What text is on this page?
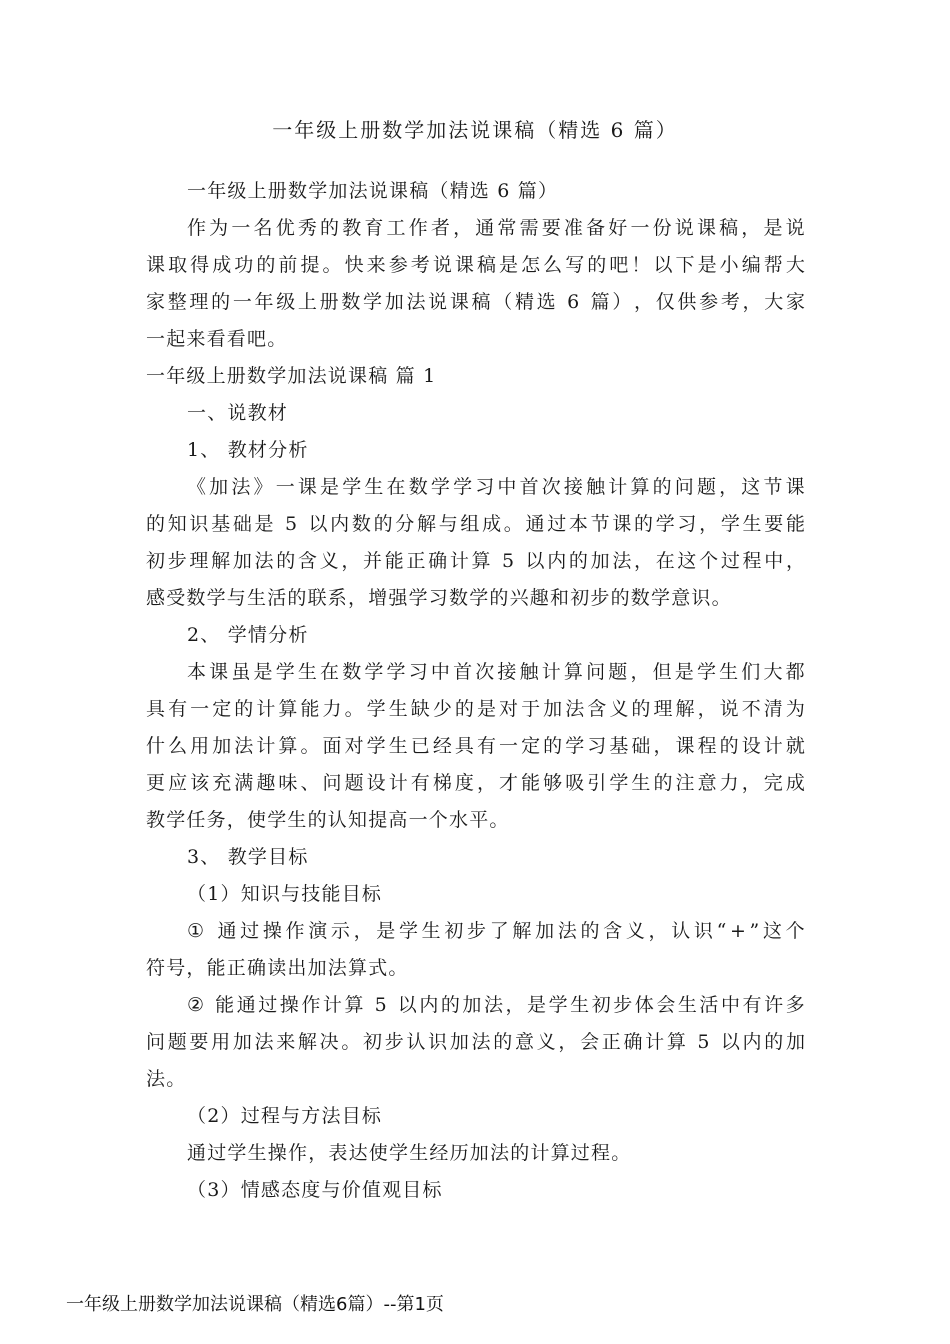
一年级上册数学加法说课稿（精选 6 篇）
一年级上册数学加法说课稿（精选 6 篇）
作 为 一 名 优 秀 的 教 育 工 作 者 ， 通 常 需 要 准 备 好 一 份 说 课 稿 ， 是 说
课 取 得 成 功 的 前 提 。 快 来 参 考 说 课 稿 是 怎 么 写 的 吧 ！ 以 下 是 小 编 帮 大
家 整 理 的 一 年 级 上 册 数 学 加 法 说 课 稿 （ 精 选
6
篇 ） ， 仅 供 参 考 ， 大 家
一起来看看吧。
一年级上册数学加法说课稿 篇 1
一、说教材
1、 教材分析
《 加 法 》 一 课 是 学 生 在 数 学 学 习 中 首 次 接 触 计 算 的 问 题 ， 这 节 课
的 知 识 基 础 是
5
以 内 数 的 分 解 与 组 成 。 通 过 本 节 课 的 学 习 ， 学 生 要 能
初 步 理 解 加 法 的 含 义 ， 并 能 正 确 计 算
5
以 内 的 加 法 ， 在 这 个 过 程 中 ，
感受数学与生活的联系，增强学习数学的兴趣和初步的数学意识。
2、 学情分析
本 课 虽 是 学 生 在 数 学 学 习 中 首 次 接 触 计 算 问 题 ， 但 是 学 生 们 大 都
具 有 一 定 的 计 算 能 力 。 学 生 缺 少 的 是 对 于 加 法 含 义 的 理 解 ， 说 不 清 为
什 么 用 加 法 计 算 。 面 对 学 生 已 经 具 有 一 定 的 学 习 基 础 ， 课 程 的 设 计 就
更 应 该 充 满 趣 味 、 问 题 设 计 有 梯 度 ， 才 能 够 吸 引 学 生 的 注 意 力 ， 完 成
教学任务，使学生的认知提高一个水平。
3、 教学目标
（1）知识与技能目标
①
通 过 操 作 演 示 ， 是 学 生 初 步 了 解 加 法 的 含 义 ， 认 识 “ + ” 这 个
符号，能正确读出加法算式。
②
能 通 过 操 作 计 算
5
以 内 的 加 法 ， 是 学 生 初 步 体 会 生 活 中 有 许 多
问 题 要 用 加 法 来 解 决 。 初 步 认 识 加 法 的 意 义 ， 会 正 确 计 算
5
以 内 的 加
法。
（2）过程与方法目标
通过学生操作，表达使学生经历加法的计算过程。
（3）情感态度与价值观目标
一年级上册数学加法说课稿（精选6篇）--第1页
